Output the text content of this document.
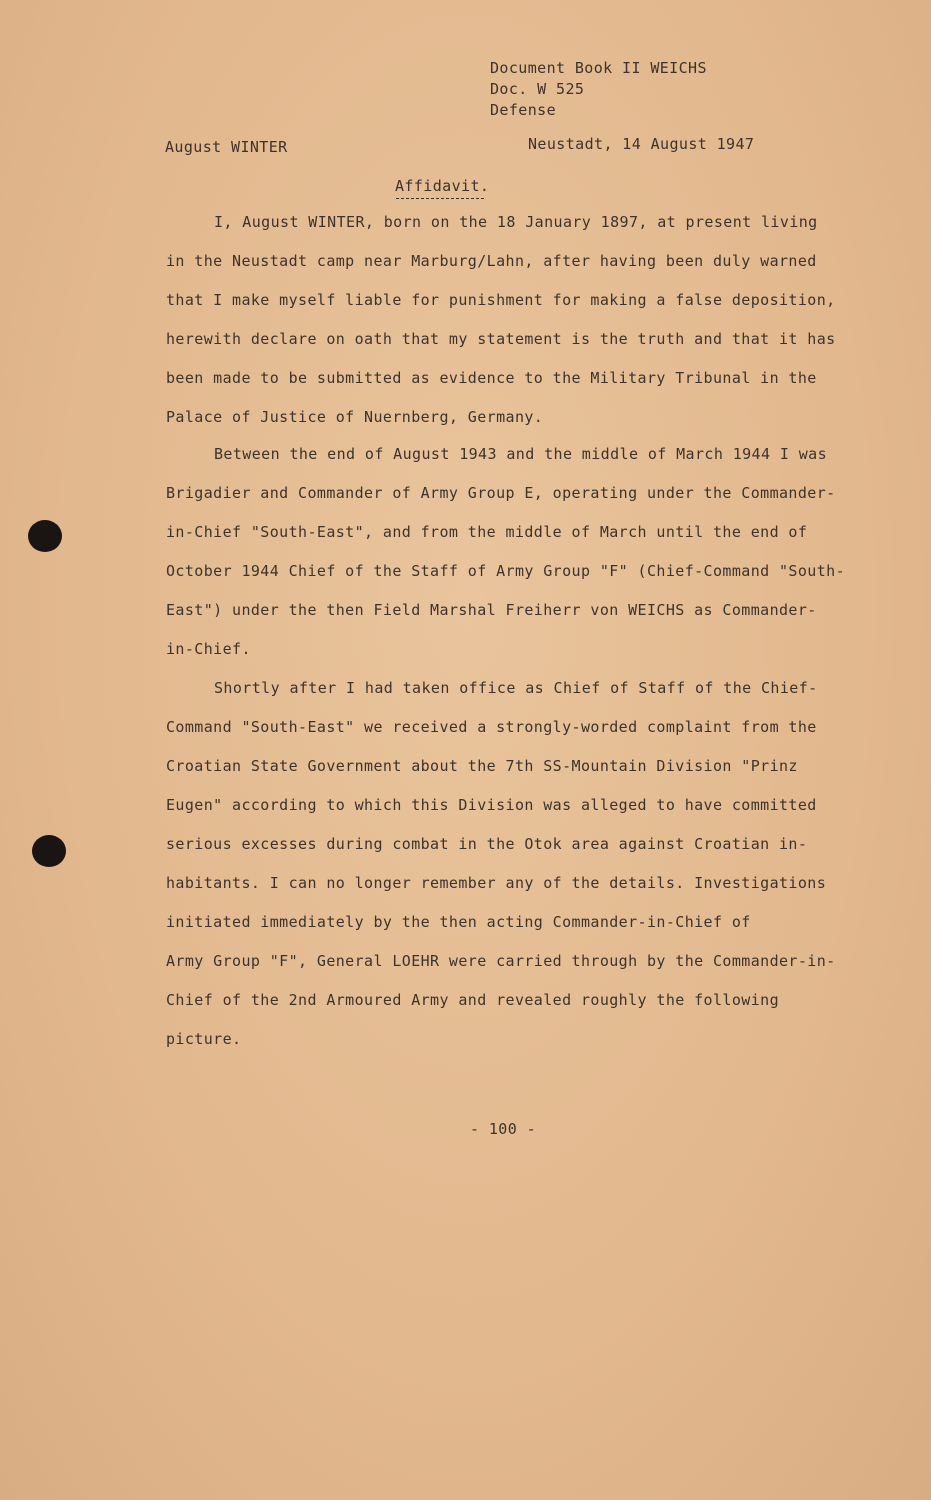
Document Book II WEICHS
Doc. W 525
Defense
August WINTER	Neustadt, 14 August 1947
Affidavit.
I, August WINTER, born on the 18 January 1897, at present living
in the Neustadt camp near Marburg/Lahn, after having been duly warned
that I make myself liable for punishment for making a false deposition,
herewith declare on oath that my statement is the truth and that it has
been made to be submitted as evidence to the Military Tribunal in the
Palace of Justice of Nuernberg, Germany.
Between the end of August 1943 and the middle of March 1944 I was
Brigadier and Commander of Army Group E, operating under the Commander-
in-Chief "South-East", and from the middle of March until the end of
October 1944 Chief of the Staff of Army Group "F" (Chief-Command "South-
East") under the then Field Marshal Freiherr von WEICHS as Commander-
in-Chief.
Shortly after I had taken office as Chief of Staff of the Chief-
Command "South-East" we received a strongly-worded complaint from the
Croatian State Government about the 7th SS-Mountain Division "Prinz
Eugen" according to which this Division was alleged to have committed
serious excesses during combat in the Otok area against Croatian in-
habitants. I can no longer remember any of the details. Investigations
initiated immediately by the then acting Commander-in-Chief of
Army Group "F", General LOEHR were carried through by the Commander-in-
Chief of the 2nd Armoured Army and revealed roughly the following
picture.
- 100 -
